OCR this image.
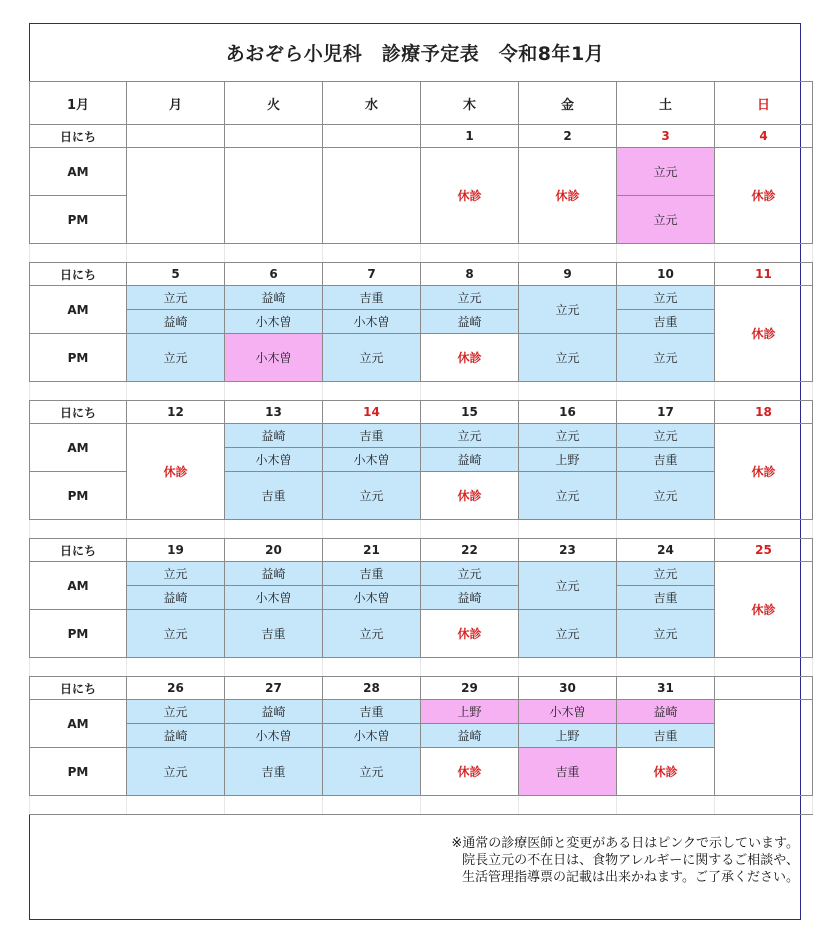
あおぞら小児科　診療予定表　令和8年1月
1月	月	火	水	木	金	土	日
日にち				1	2	3	4
AM				休診	休診	立元	休診
PM						立元	

日にち	5	6	7	8	9	10	11
AM	立元	益崎	吉重	立元	立元	立元	休診
	益崎	小木曽	小木曽	益崎		吉重	
PM	立元	小木曽	立元	休診	立元	立元	

日にち	12	13	14	15	16	17	18
AM	休診	益崎	吉重	立元	立元	立元	休診
		小木曽	小木曽	益崎	上野	吉重	
PM		吉重	立元	休診	立元	立元	

日にち	19	20	21	22	23	24	25
AM	立元	益崎	吉重	立元	立元	立元	休診
	益崎	小木曽	小木曽	益崎		吉重	
PM	立元	吉重	立元	休診	立元	立元	

日にち	26	27	28	29	30	31	
AM	立元	益崎	吉重	上野	小木曽	益崎	
	益崎	小木曽	小木曽	益崎	上野	吉重	
PM	立元	吉重	立元	休診	吉重	休診	

※通常の診療医師と変更がある日はピンクで示しています。
院長立元の不在日は、食物アレルギーに関するご相談や、
生活管理指導票の記載は出来かねます。ご了承ください。
